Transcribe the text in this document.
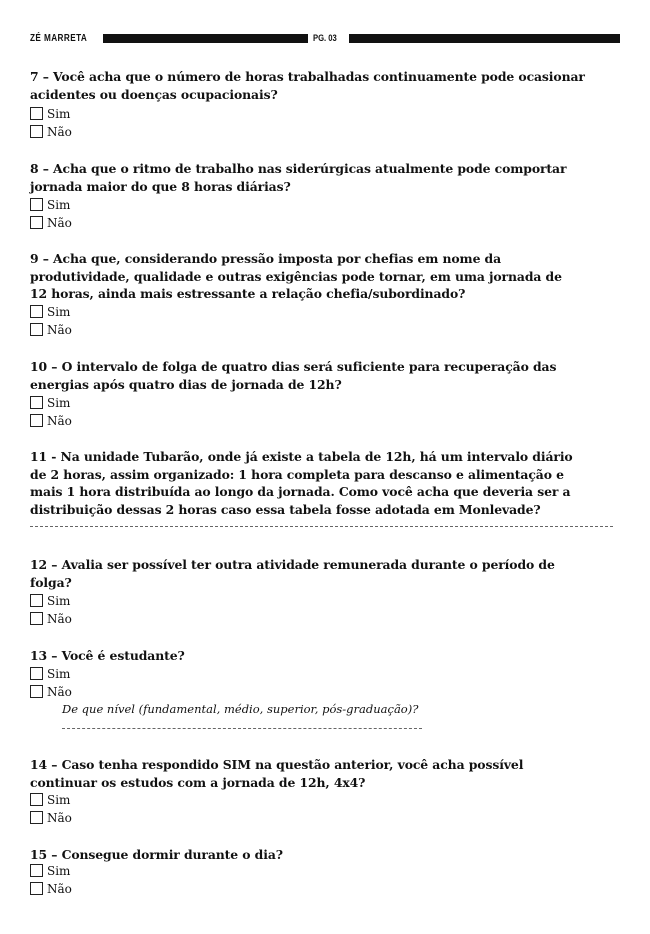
ZÉ MARRETA	PG. 03
7 – Você acha que o número de horas trabalhadas continuamente pode ocasionar
acidentes ou doenças ocupacionais?
Sim
Não
8 – Acha que o ritmo de trabalho nas siderúrgicas atualmente pode comportar
jornada maior do que 8 horas diárias?
Sim
Não
9 – Acha que, considerando pressão imposta por chefias em nome da
produtividade, qualidade e outras exigências pode tornar, em uma jornada de
12 horas, ainda mais estressante a relação chefia/subordinado?
Sim
Não
10 – O intervalo de folga de quatro dias será suficiente para recuperação das
energias após quatro dias de jornada de 12h?
Sim
Não
11 - Na unidade Tubarão, onde já existe a tabela de 12h, há um intervalo diário
de 2 horas, assim organizado: 1 hora completa para descanso e alimentação e
mais 1 hora distribuída ao longo da jornada. Como você acha que deveria ser a
distribuição dessas 2 horas caso essa tabela fosse adotada em Monlevade?
12 – Avalia ser possível ter outra atividade remunerada durante o período de
folga?
Sim
Não
13 – Você é estudante?
Sim
Não
De que nível (fundamental, médio, superior, pós-graduação)?
14 – Caso tenha respondido SIM na questão anterior, você acha possível
continuar os estudos com a jornada de 12h, 4x4?
Sim
Não
15 – Consegue dormir durante o dia?
Sim
Não
